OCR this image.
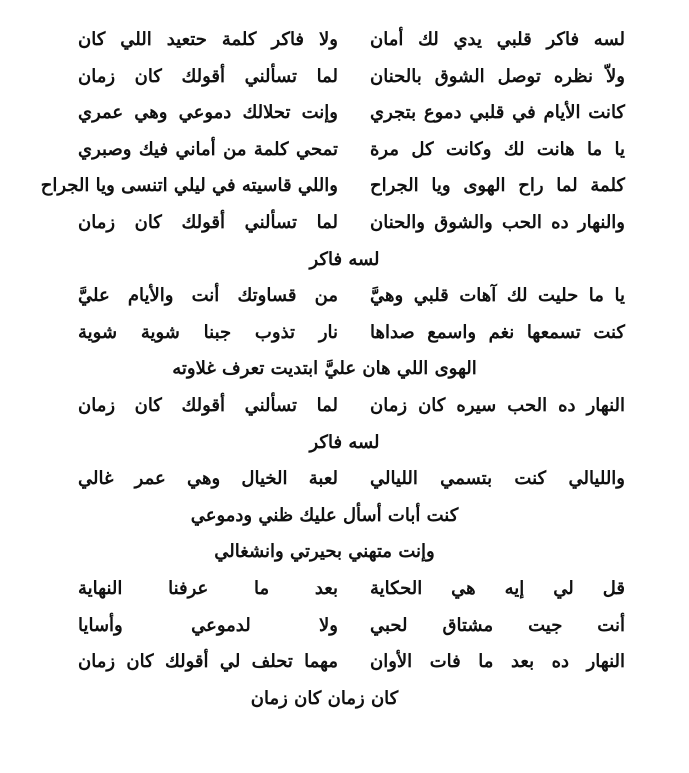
لسه فاكر قلبي يدي لك أمان
ولا فاكر كلمة حتعيد اللي كان
ولاّ نظره توصل الشوق بالحنان
لما تسألني أقولك كان زمان
كانت الأيام في قلبي دموع بتجري
وإنت تحلالك دموعي وهي عمري
يا ما هانت لك وكانت كل مرة
تمحي كلمة من أماني فيك وصبري
كلمة لما راح الهوى ويا الجراح
واللي قاسيته في ليلي اتنسى ويا الجراح
والنهار ده الحب والشوق والحنان
لما تسألني أقولك كان زمان
لسه فاكر
يا ما حليت لك آهات قلبي وهيَّ
من قساوتك أنت والأيام عليَّ
كنت تسمعها نغم واسمع صداها
نار تذوب جبنا شوية شوية
الهوى اللي هان عليَّ ابتديت تعرف غلاوته
النهار ده الحب سيره كان زمان
لما تسألني أقولك كان زمان
لسه فاكر
والليالي كنت بتسمي الليالي
لعبة الخيال وهي عمر غالي
كنت أبات أسأل عليك ظني ودموعي
وإنت متهني بحيرتي وانشغالي
قل لي إيه هي الحكاية
بعد ما عرفنا النهاية
أنت جيت مشتاق لحبي
ولا لدموعي وأسايا
النهار ده بعد ما فات الأوان
مهما تحلف لي أقولك كان زمان
كان زمان كان زمان
